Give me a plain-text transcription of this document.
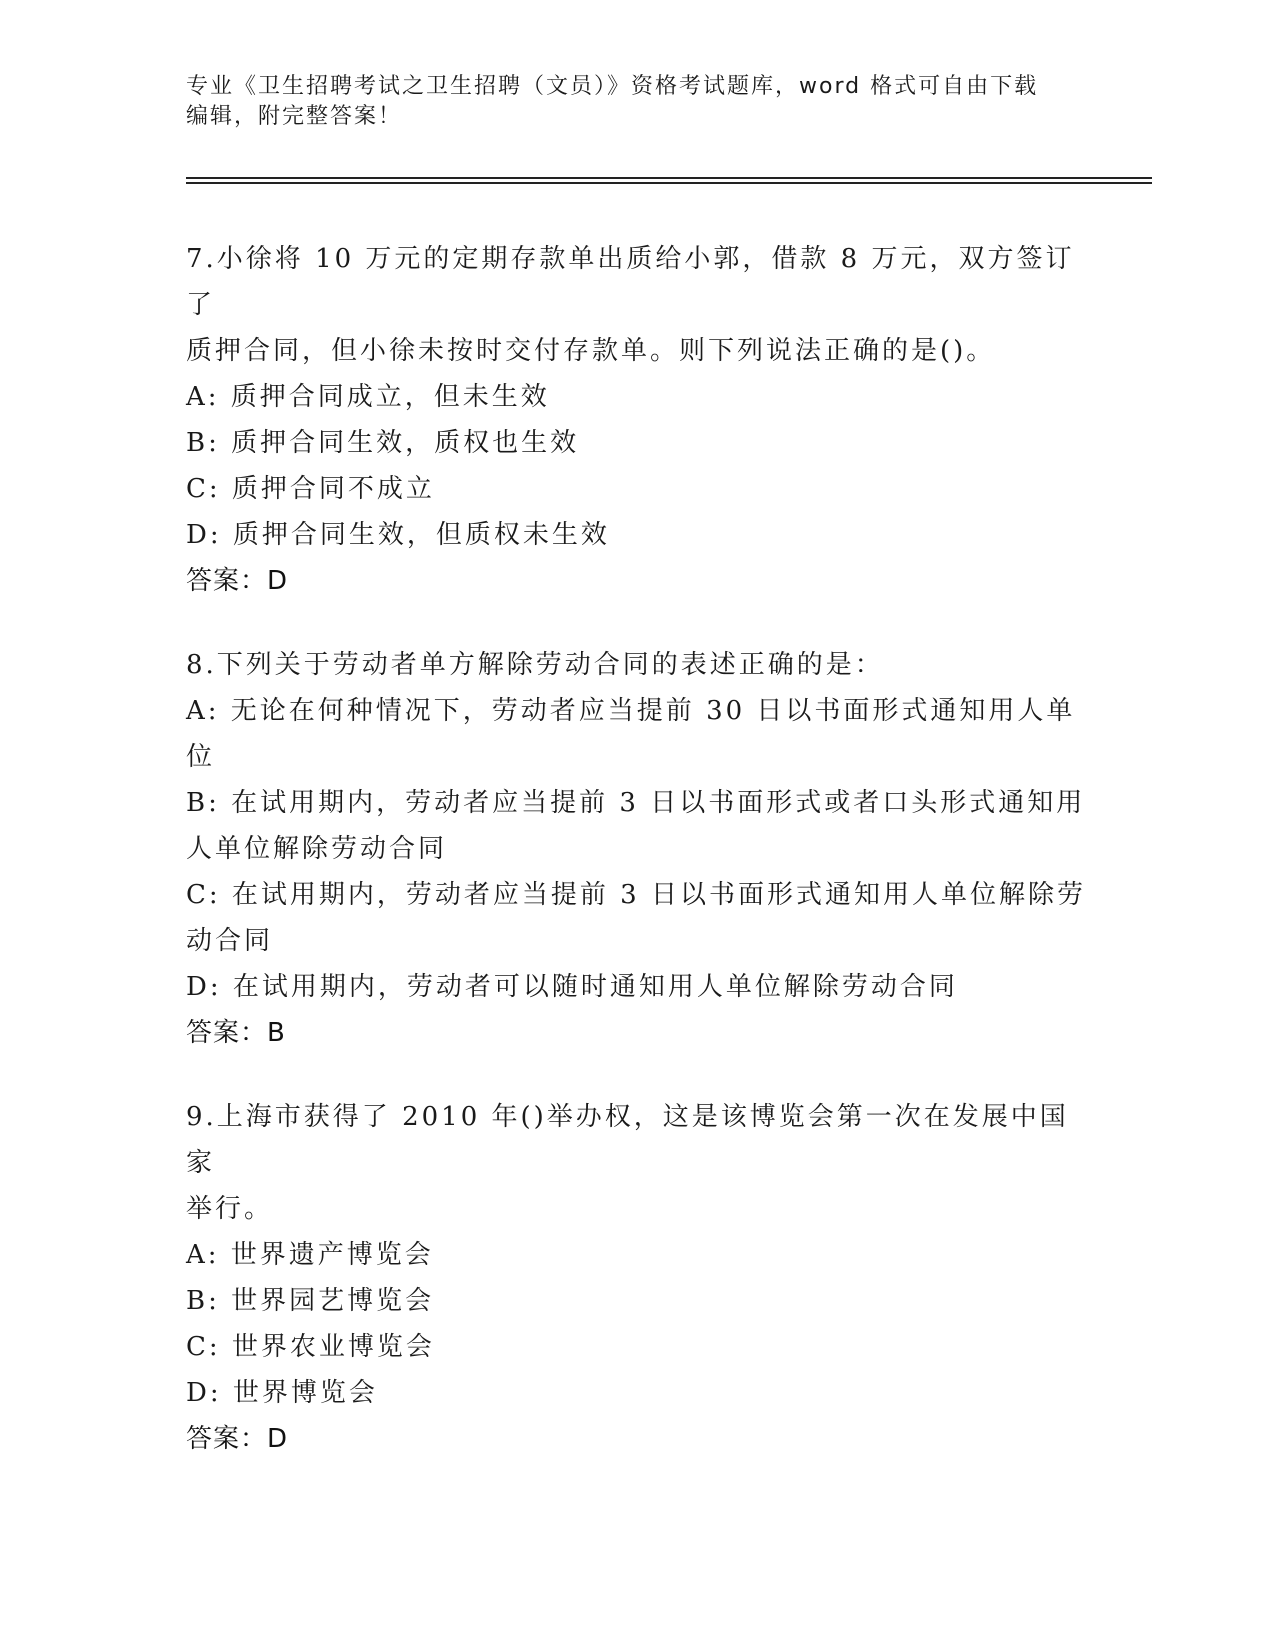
专业《卫生招聘考试之卫生招聘（文员）》资格考试题库，word 格式可自由下载
编辑，附完整答案！

7.小徐将 10 万元的定期存款单出质给小郭，借款 8 万元，双方签订了

质押合同，但小徐未按时交付存款单。则下列说法正确的是()。

A: 质押合同成立，但未生效

B: 质押合同生效，质权也生效

C: 质押合同不成立

D: 质押合同生效，但质权未生效

答案：D

8.下列关于劳动者单方解除劳动合同的表述正确的是：

A: 无论在何种情况下，劳动者应当提前 30 日以书面形式通知用人单

位

B: 在试用期内，劳动者应当提前 3 日以书面形式或者口头形式通知用

人单位解除劳动合同

C: 在试用期内，劳动者应当提前 3 日以书面形式通知用人单位解除劳

动合同

D: 在试用期内，劳动者可以随时通知用人单位解除劳动合同

答案：B

9.上海市获得了 2010 年()举办权，这是该博览会第一次在发展中国家

举行。

A: 世界遗产博览会

B: 世界园艺博览会

C: 世界农业博览会

D: 世界博览会

答案：D
